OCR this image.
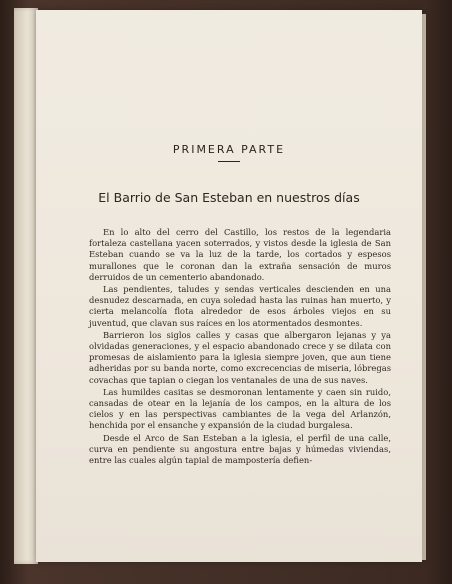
PRIMERA PARTE
El Barrio de San Esteban en nuestros días

En lo alto del cerro del Castillo, los restos de la legendaria fortaleza castellana yacen soterrados, y vistos desde la iglesia de San Esteban cuando se va la luz de la tarde, los cortados y espesos murallones que le coronan dan la extraña sensación de muros derruidos de un cementerio abandonado.

Las pendientes, taludes y sendas verticales descienden en una desnudez descarnada, en cuya soledad hasta las ruinas han muerto, y cierta melancolía flota alrededor de esos árboles viejos en su juventud, que clavan sus raíces en los atormentados desmontes.

Barrieron los siglos calles y casas que albergaron lejanas y ya olvidadas generaciones, y el espacio abandonado crece y se dilata con promesas de aislamiento para la iglesia siempre joven, que aun tiene adheridas por su banda norte, como excrecencias de miseria, lóbregas covachas que tapian o ciegan los ventanales de una de sus naves.

Las humildes casitas se desmoronan lentamente y caen sin ruido, cansadas de otear en la lejanía de los campos, en la altura de los cielos y en las perspectivas cambiantes de la vega del Arlanzón, henchida por el ensanche y expansión de la ciudad burgalesa.

Desde el Arco de San Esteban a la iglesia, el perfil de una calle, curva en pendiente su angostura entre bajas y húmedas viviendas, entre las cuales algún tapial de mampostería defien-
